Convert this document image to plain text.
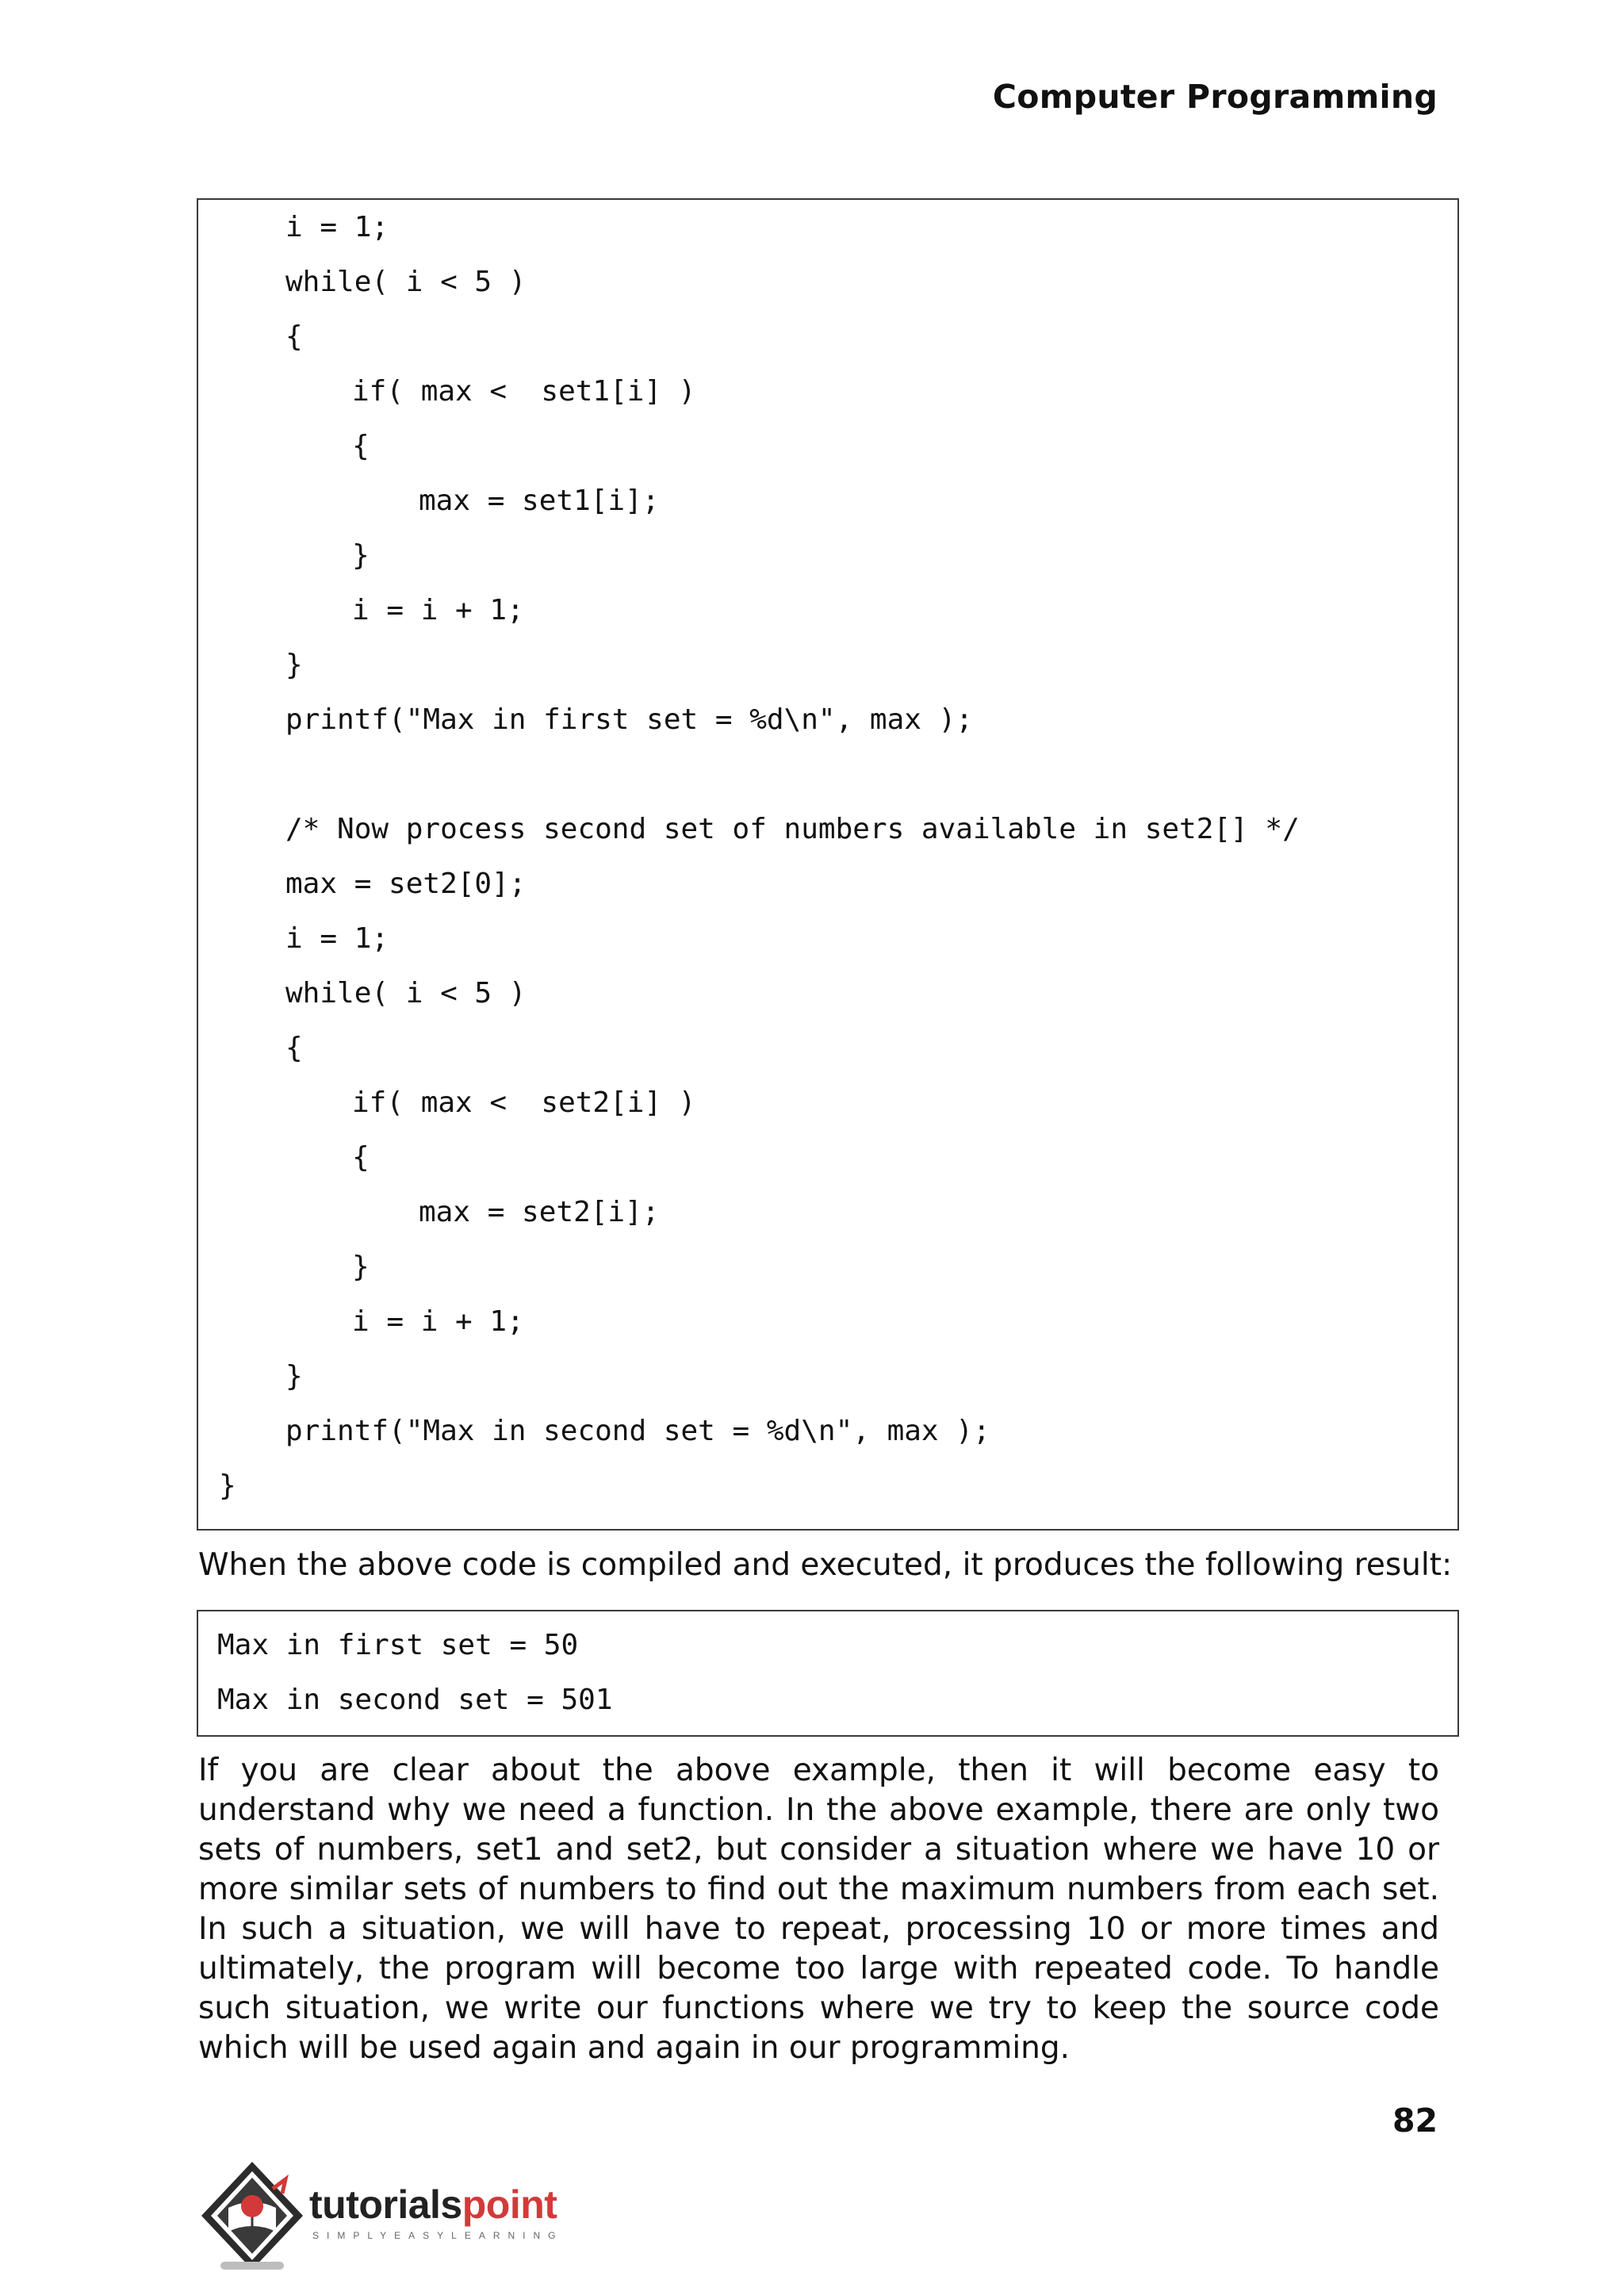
Computer Programming
i = 1;
while( i < 5 )
{
if( max <  set1[i] )
{
max = set1[i];
}
i = i + 1;
}
printf("Max in first set = %d\n", max );
/* Now process second set of numbers available in set2[] */
max = set2[0];
i = 1;
while( i < 5 )
{
if( max <  set2[i] )
{
max = set2[i];
}
i = i + 1;
}
printf("Max in second set = %d\n", max );
}
When the above code is compiled and executed, it produces the following result:
Max in first set = 50
Max in second set = 501
If you are clear about the above example, then it will become easy to understand why we need a function. In the above example, there are only two sets of numbers, set1 and set2, but consider a situation where we have 10 or more similar sets of numbers to find out the maximum numbers from each set. In such a situation, we will have to repeat, processing 10 or more times and ultimately, the program will become too large with repeated code. To handle such situation, we write our functions where we try to keep the source code which will be used again and again in our programming.
82
tutorialspoint
SIMPLYEASYLEARNING
